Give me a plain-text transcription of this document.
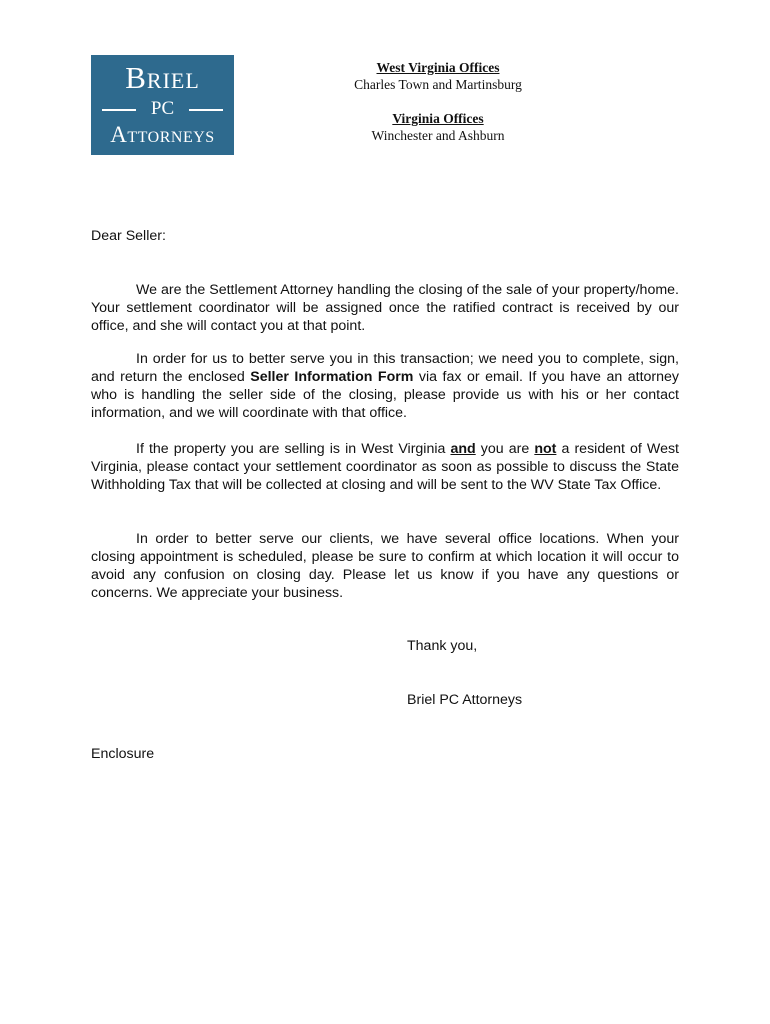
Briel
PC
Attorneys
West Virginia Offices
Charles Town and Martinsburg
Virginia Offices
Winchester and Ashburn
Dear Seller:

We are the Settlement Attorney handling the closing of the sale of your property/home. Your settlement coordinator will be assigned once the ratified contract is received by our office, and she will contact you at that point.

In order for us to better serve you in this transaction; we need you to complete, sign, and return the enclosed Seller Information Form via fax or email. If you have an attorney who is handling the seller side of the closing, please provide us with his or her contact information, and we will coordinate with that office.

If the property you are selling is in West Virginia and you are not a resident of West Virginia, please contact your settlement coordinator as soon as possible to discuss the State Withholding Tax that will be collected at closing and will be sent to the WV State Tax Office.

In order to better serve our clients, we have several office locations. When your closing appointment is scheduled, please be sure to confirm at which location it will occur to avoid any confusion on closing day. Please let us know if you have any questions or concerns. We appreciate your business.

Thank you,
Briel PC Attorneys
Enclosure
